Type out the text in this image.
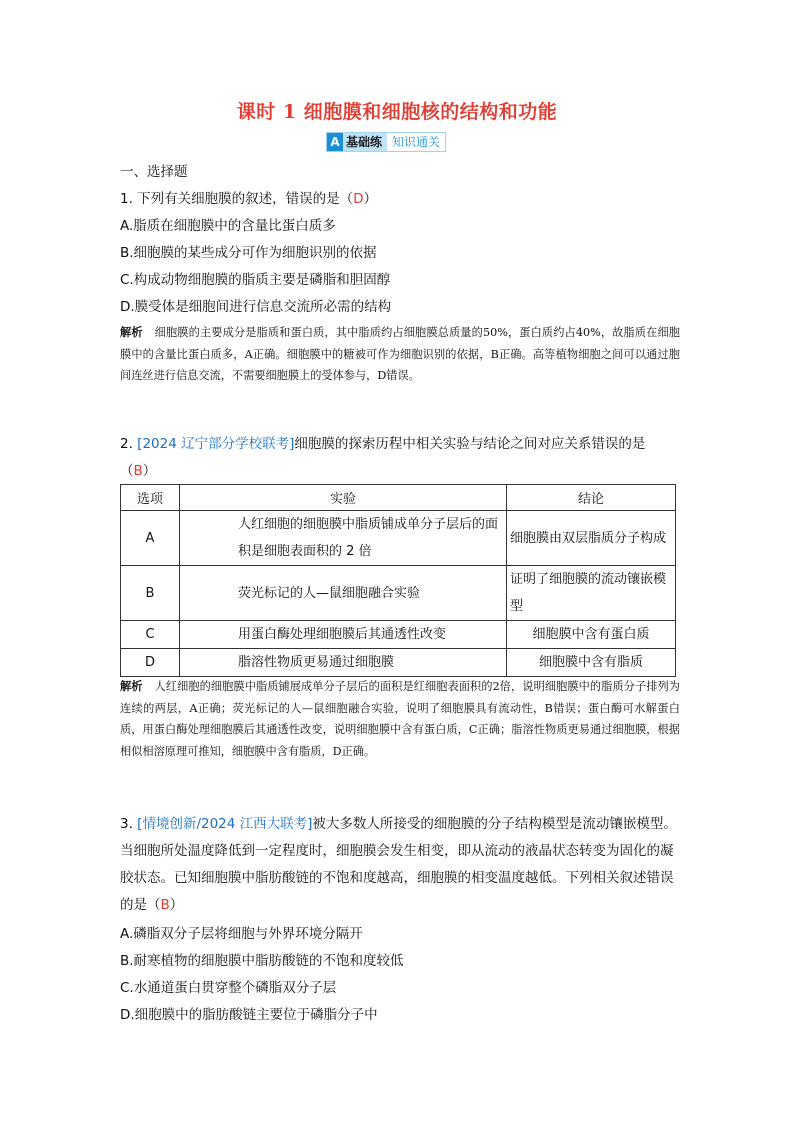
课时 1 细胞膜和细胞核的结构和功能
A 基础练 知识通关
一、选择题
1. 下列有关细胞膜的叙述，错误的是（D）
A.脂质在细胞膜中的含量比蛋白质多
B.细胞膜的某些成分可作为细胞识别的依据
C.构成动物细胞膜的脂质主要是磷脂和胆固醇
D.膜受体是细胞间进行信息交流所必需的结构

解析 细胞膜的主要成分是脂质和蛋白质，其中脂质约占细胞膜总质量的50%，蛋白质约占40%，故脂质在细胞膜中的含量比蛋白质多，A正确。细胞膜中的糖被可作为细胞识别的依据，B正确。高等植物细胞之间可以通过胞间连丝进行信息交流，不需要细胞膜上的受体参与，D错误。

2. [2024 辽宁部分学校联考]细胞膜的探索历程中相关实验与结论之间对应关系错误的是
（B）
选项	实验	结论
A	人红细胞的细胞膜中脂质铺成单分子层后的面积是细胞表面积的 2 倍	细胞膜由双层脂质分子构成
B	荧光标记的人—鼠细胞融合实验	证明了细胞膜的流动镶嵌模型
C	用蛋白酶处理细胞膜后其通透性改变	细胞膜中含有蛋白质
D	脂溶性物质更易通过细胞膜	细胞膜中含有脂质

解析 人红细胞的细胞膜中脂质铺展成单分子层后的面积是红细胞表面积的2倍，说明细胞膜中的脂质分子排列为连续的两层，A正确；荧光标记的人—鼠细胞融合实验，说明了细胞膜具有流动性，B错误；蛋白酶可水解蛋白质，用蛋白酶处理细胞膜后其通透性改变，说明细胞膜中含有蛋白质，C正确；脂溶性物质更易通过细胞膜，根据相似相溶原理可推知，细胞膜中含有脂质，D正确。

3. [情境创新/2024 江西大联考]被大多数人所接受的细胞膜的分子结构模型是流动镶嵌模型。当细胞所处温度降低到一定程度时，细胞膜会发生相变，即从流动的液晶状态转变为固化的凝胶状态。已知细胞膜中脂肪酸链的不饱和度越高，细胞膜的相变温度越低。下列相关叙述错误的是（B）

A.磷脂双分子层将细胞与外界环境分隔开
B.耐寒植物的细胞膜中脂肪酸链的不饱和度较低
C.水通道蛋白贯穿整个磷脂双分子层
D.细胞膜中的脂肪酸链主要位于磷脂分子中
